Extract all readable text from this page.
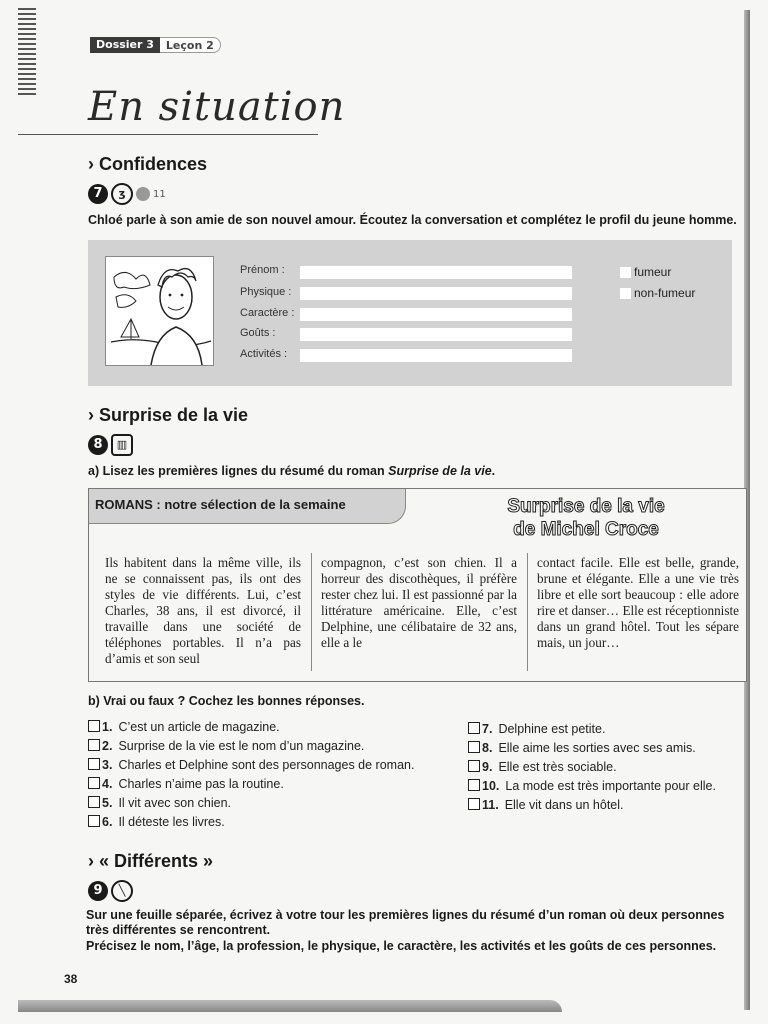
Dossier 3	Leçon 2
En situation
› Confidences
7	ʒ	11
Chloé parle à son amie de son nouvel amour. Écoutez la conversation et complétez le profil du jeune homme.
Prénom :
Physique :
Caractère :
Goûts :
Activités :
fumeur
non-fumeur
› Surprise de la vie
8	▥
a) Lisez les premières lignes du résumé du roman Surprise de la vie.
ROMANS : notre sélection de la semaine	Surprise de la vie
de Michel Croce
Ils habitent dans la même ville, ils ne se connaissent pas, ils ont des styles de vie différents. Lui, c’est Charles, 38 ans, il est divorcé, il travaille dans une société de téléphones portables. Il n’a pas d’amis et son seul
compagnon, c’est son chien. Il a horreur des discothèques, il préfère rester chez lui. Il est passionné par la littérature américaine. Elle, c’est Delphine, une célibataire de 32 ans, elle a le
contact facile. Elle est belle, grande, brune et élégante. Elle a une vie très libre et elle sort beaucoup : elle adore rire et danser… Elle est réceptionniste dans un grand hôtel. Tout les sépare mais, un jour…
b) Vrai ou faux ? Cochez les bonnes réponses.
1. C’est un article de magazine.
2. Surprise de la vie est le nom d’un magazine.
3. Charles et Delphine sont des personnages de roman.
4. Charles n’aime pas la routine.
5. Il vit avec son chien.
6. Il déteste les livres.
7. Delphine est petite.
8. Elle aime les sorties avec ses amis.
9. Elle est très sociable.
10. La mode est très importante pour elle.
11. Elle vit dans un hôtel.
› « Différents »
9	╲
Sur une feuille séparée, écrivez à votre tour les premières lignes du résumé d’un roman où deux personnes très différentes se rencontrent.
Précisez le nom, l’âge, la profession, le physique, le caractère, les activités et les goûts de ces personnes.
38
